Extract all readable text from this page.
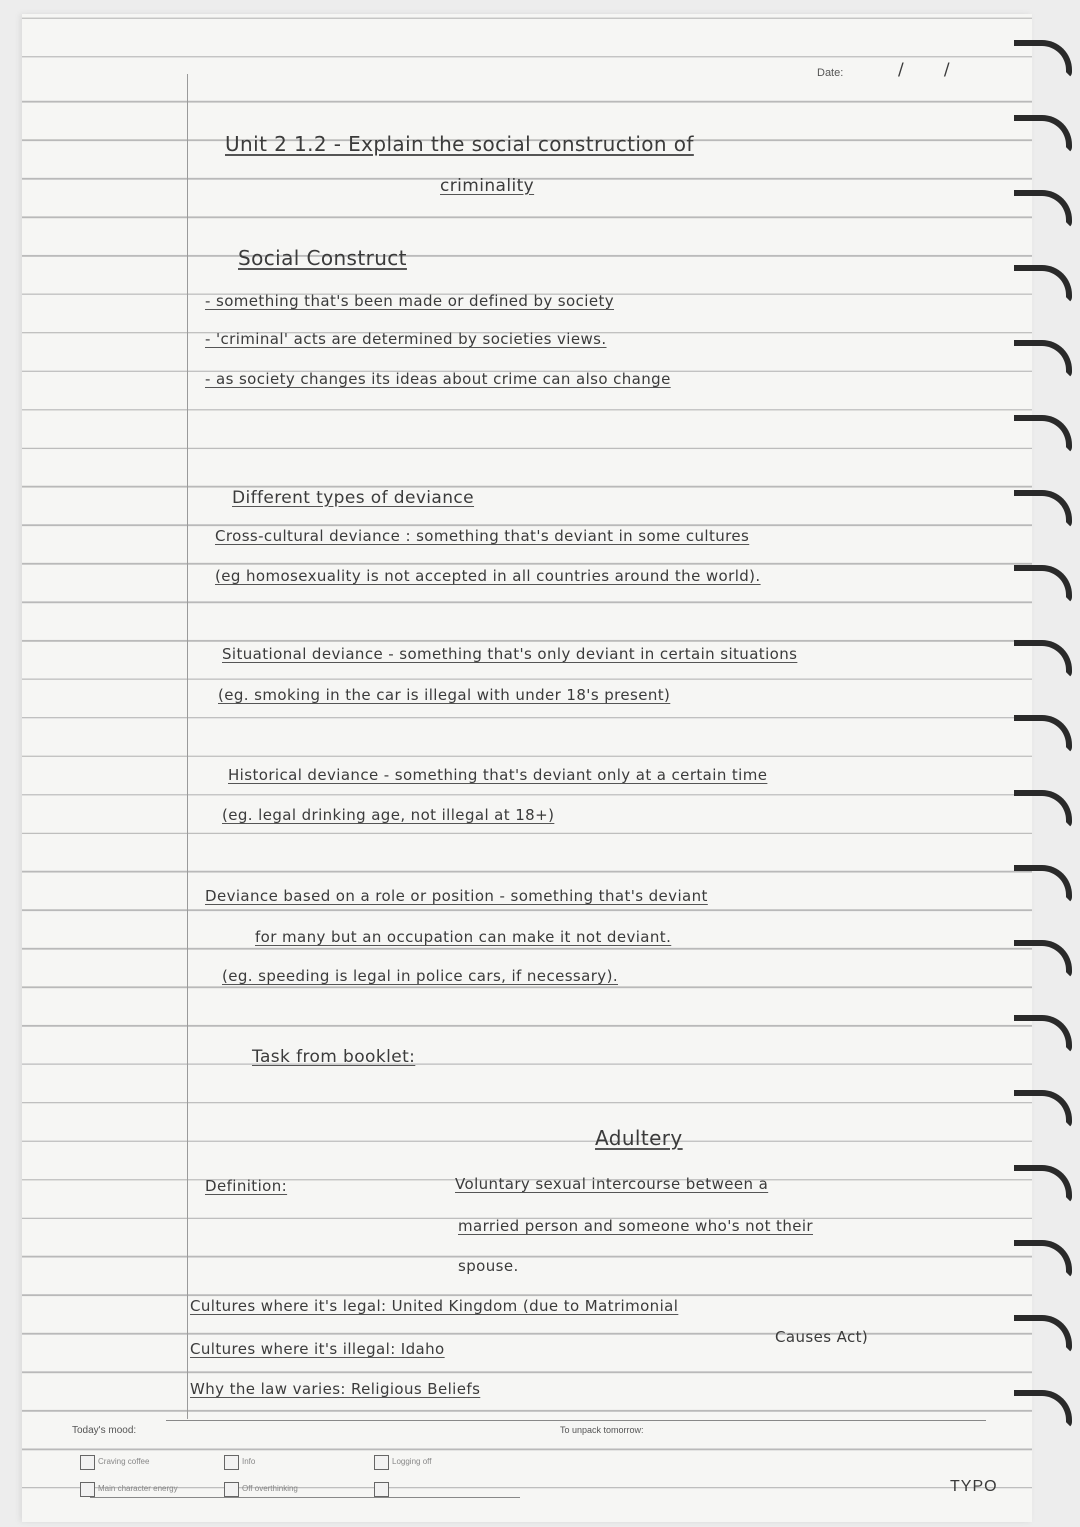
Date:	/ /
Unit 2 1.2 - Explain the social construction of
criminality
Social Construct
- something that's been made or defined by society
- 'criminal' acts are determined by societies views.
- as society changes its ideas about crime can also change
Different types of deviance
Cross-cultural deviance : something that's deviant in some cultures
(eg homosexuality is not accepted in all countries around the world).
Situational deviance - something that's only deviant in certain situations
(eg. smoking in the car is illegal with under 18's present)
Historical deviance - something that's deviant only at a certain time
(eg. legal drinking age, not illegal at 18+)
Deviance based on a role or position - something that's deviant
for many but an occupation can make it not deviant.
(eg. speeding is legal in police cars, if necessary).
Task from booklet:
Adultery
Definition:	Voluntary sexual intercourse between a
married person and someone who's not their
spouse.
Cultures where it's legal: United Kingdom (due to Matrimonial
Causes Act)
Cultures where it's illegal: Idaho
Why the law varies: Religious Beliefs
Today's mood:	To unpack tomorrow:
Craving coffee
Main character energy
Info
Off overthinking
Logging off
TYPO
